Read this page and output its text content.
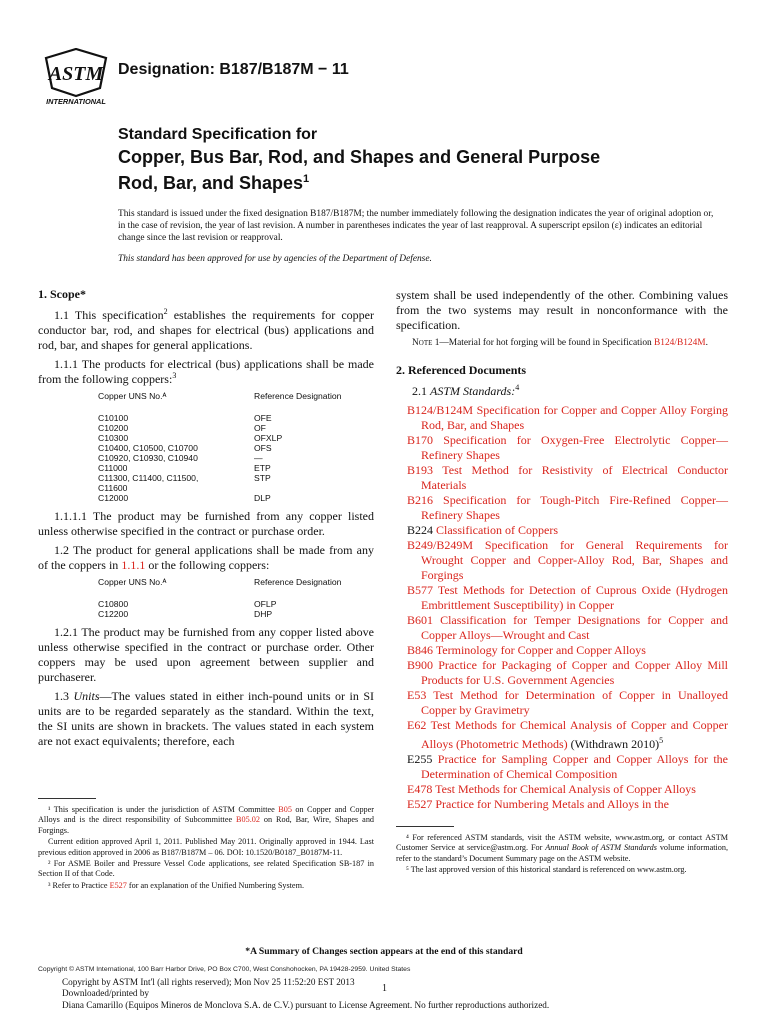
ASTM
INTERNATIONAL
Designation: B187/B187M − 11

Standard Specification for

Copper, Bus Bar, Rod, and Shapes and General Purpose

Rod, Bar, and Shapes$^1$

This standard is issued under the fixed designation B187/B187M; the number immediately following the designation indicates the year of original adoption or, in the case of revision, the year of last revision. A number in parentheses indicates the year of last reapproval. A superscript epsilon (ε) indicates an editorial change since the last revision or reapproval.

This standard has been approved for use by agencies of the Department of Defense.

1. Scope*

1.1 This specification$^2$ establishes the requirements for copper conductor bar, rod, and shapes for electrical (bus) applications and rod, bar, and shapes for general applications.

1.1.1 The products for electrical (bus) applications shall be made from the following coppers:$^3$

Copper UNS No.ᴬ	Reference Designation
C10100	OFE
C10200	OF
C10300	OFXLP
C10400, C10500, C10700	OFS
C10920, C10930, C10940	—
C11000	ETP
C11300, C11400, C11500,	STP
C11600	
C12000	DLP

1.1.1.1 The product may be furnished from any copper listed unless otherwise specified in the contract or purchase order.

1.2 The product for general applications shall be made from any of the coppers in 1.1.1 or the following coppers:

Copper UNS No.ᴬ	Reference Designation
C10800	OFLP
C12200	DHP

1.2.1 The product may be furnished from any copper listed above unless otherwise specified in the contract or purchase order. Other coppers may be used upon agreement between supplier and purchaserer.

1.3 Units—The values stated in either inch-pound units or in SI units are to be regarded separately as the standard. Within the text, the SI units are shown in brackets. The values stated in each system are not exact equivalents; therefore, each

system shall be used independently of the other. Combining values from the two systems may result in nonconformance with the specification.

Note 1—Material for hot forging will be found in Specification B124/B124M.

2. Referenced Documents

2.1 ASTM Standards:$^4$

B124/B124M Specification for Copper and Copper Alloy Forging Rod, Bar, and Shapes

B170 Specification for Oxygen-Free Electrolytic Copper—Refinery Shapes

B193 Test Method for Resistivity of Electrical Conductor Materials

B216 Specification for Tough-Pitch Fire-Refined Copper—Refinery Shapes

B224 Classification of Coppers

B249/B249M Specification for General Requirements for Wrought Copper and Copper-Alloy Rod, Bar, Shapes and Forgings

B577 Test Methods for Detection of Cuprous Oxide (Hydrogen Embrittlement Susceptibility) in Copper

B601 Classification for Temper Designations for Copper and Copper Alloys—Wrought and Cast

B846 Terminology for Copper and Copper Alloys

B900 Practice for Packaging of Copper and Copper Alloy Mill Products for U.S. Government Agencies

E53 Test Method for Determination of Copper in Unalloyed Copper by Gravimetry

E62 Test Methods for Chemical Analysis of Copper and Copper Alloys (Photometric Methods) (Withdrawn 2010)$^5$

E255 Practice for Sampling Copper and Copper Alloys for the Determination of Chemical Composition

E478 Test Methods for Chemical Analysis of Copper Alloys

E527 Practice for Numbering Metals and Alloys in the

¹ This specification is under the jurisdiction of ASTM Committee B05 on Copper and Copper Alloys and is the direct responsibility of Subcommittee B05.02 on Rod, Bar, Wire, Shapes and Forgings.

Current edition approved April 1, 2011. Published May 2011. Originally approved in 1944. Last previous edition approved in 2006 as B187/B187M – 06. DOI: 10.1520/B0187_B0187M-11.

² For ASME Boiler and Pressure Vessel Code applications, see related Specification SB-187 in Section II of that Code.

³ Refer to Practice E527 for an explanation of the Unified Numbering System.

⁴ For referenced ASTM standards, visit the ASTM website, www.astm.org, or contact ASTM Customer Service at service@astm.org. For Annual Book of ASTM Standards volume information, refer to the standard’s Document Summary page on the ASTM website.

⁵ The last approved version of this historical standard is referenced on www.astm.org.

*A Summary of Changes section appears at the end of this standard
Copyright © ASTM International, 100 Barr Harbor Drive, PO Box C700, West Conshohocken, PA 19428-2959. United States
Copyright by ASTM Int'l (all rights reserved); Mon Nov 25 11:52:20 EST 2013
Downloaded/printed by
Diana Camarillo (Equipos Mineros de Monclova S.A. de C.V.) pursuant to License Agreement. No further reproductions authorized.
1
